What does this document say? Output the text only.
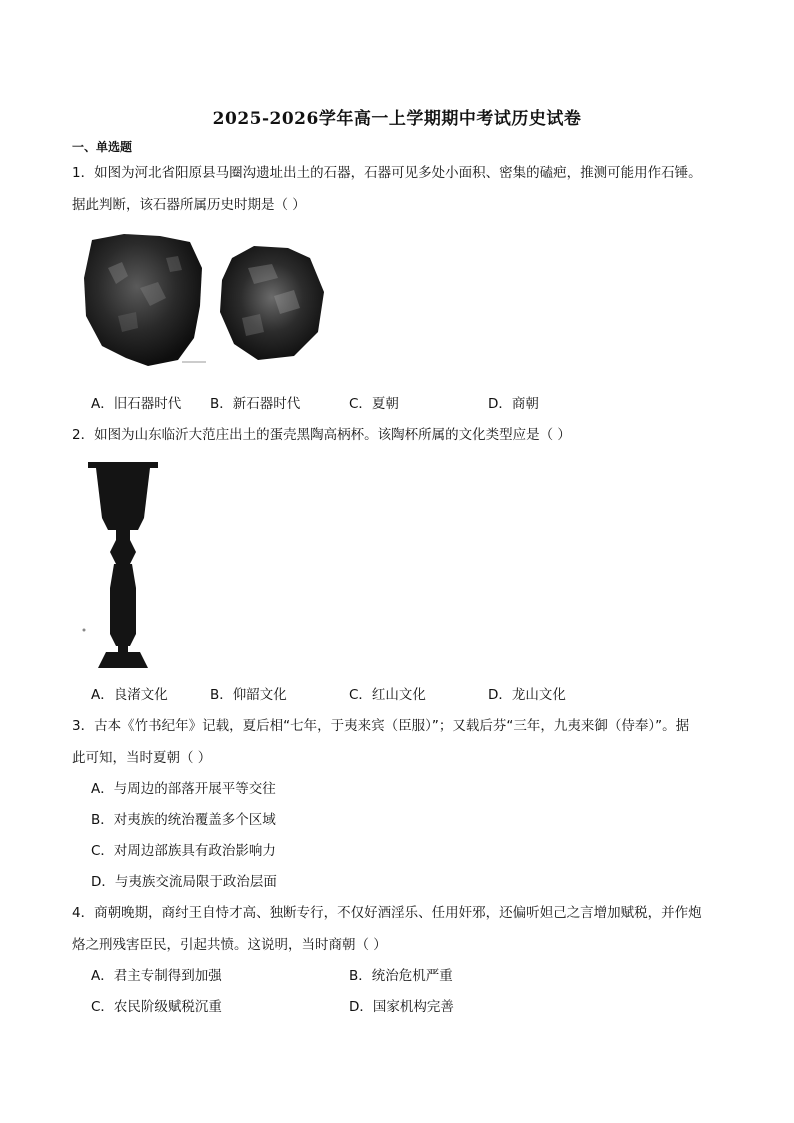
2025-2026学年高一上学期期中考试历史试卷
一、单选题
1．如图为河北省阳原县马圈沟遗址出土的石器，石器可见多处小面积、密集的磕疤，推测可能用作石锤。
据此判断，该石器所属历史时期是（ ）
A．旧石器时代 B．新石器时代	C．夏朝	D．商朝
2．如图为山东临沂大范庄出土的蛋壳黑陶高柄杯。该陶杯所属的文化类型应是（ ）
A．良渚文化	B．仰韶文化	C．红山文化	D．龙山文化
3．古本《竹书纪年》记载，夏后相“七年，于夷来宾（臣服）”；又载后芬“三年，九夷来御（侍奉）”。据
此可知，当时夏朝（ ）
A．与周边的部落开展平等交往
B．对夷族的统治覆盖多个区域
C．对周边部族具有政治影响力
D．与夷族交流局限于政治层面
4．商朝晚期，商纣王自恃才高、独断专行，不仅好酒淫乐、任用奸邪，还偏听妲己之言增加赋税，并作炮
烙之刑残害臣民，引起共愤。这说明，当时商朝（ ）
A．君主专制得到加强	B．统治危机严重
C．农民阶级赋税沉重	D．国家机构完善
